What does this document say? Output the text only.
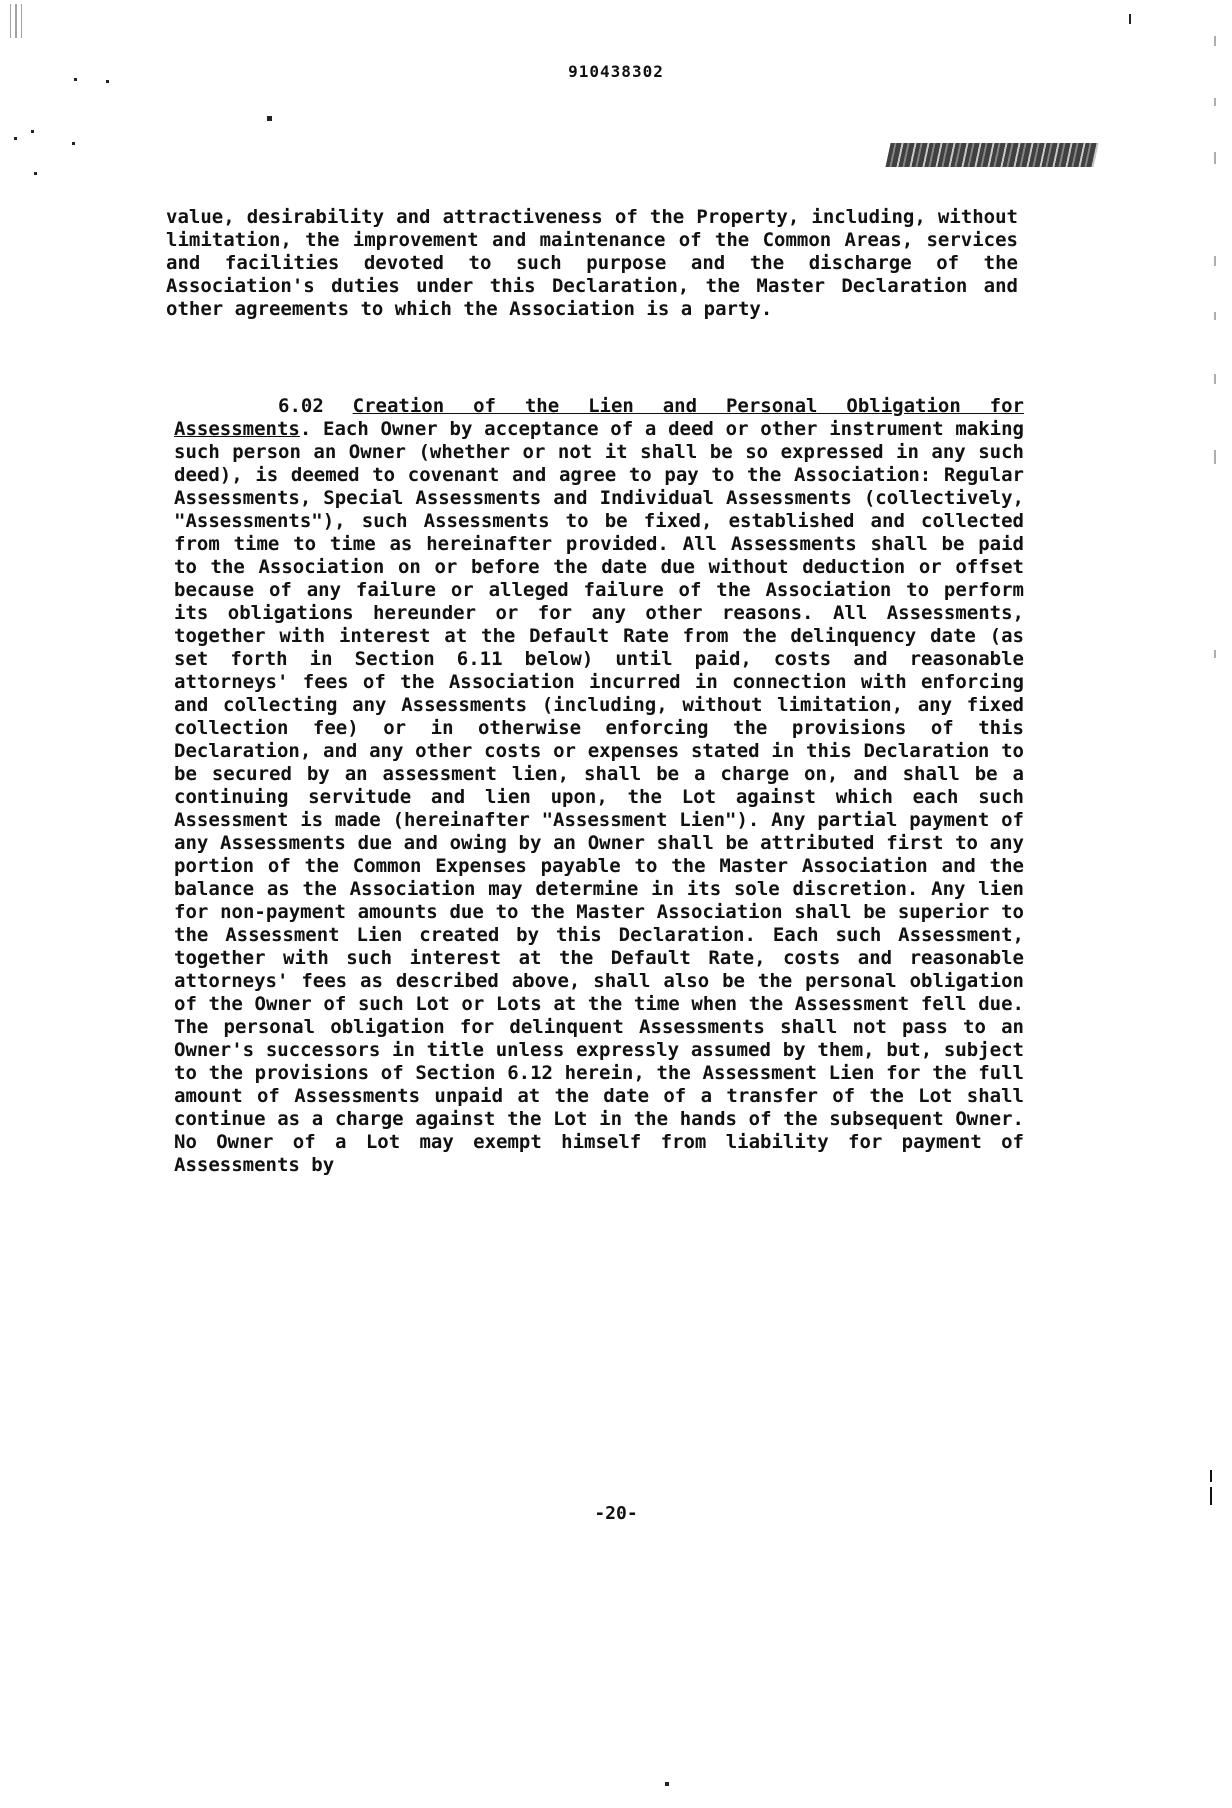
910438302
value, desirability and attractiveness of the Property, including, without limitation, the improvement and maintenance of the Common Areas, services and facilities devoted to such purpose and the discharge of the Association's duties under this Declaration, the Master Declaration and other agreements to which the Association is a party.
6.02 Creation of the Lien and Personal Obligation for Assessments. Each Owner by acceptance of a deed or other instrument making such person an Owner (whether or not it shall be so expressed in any such deed), is deemed to covenant and agree to pay to the Association: Regular Assessments, Special Assessments and Individual Assessments (collectively, "Assessments"), such Assessments to be fixed, established and collected from time to time as hereinafter provided. All Assessments shall be paid to the Association on or before the date due without deduction or offset because of any failure or alleged failure of the Association to perform its obligations hereunder or for any other reasons. All Assessments, together with interest at the Default Rate from the delinquency date (as set forth in Section 6.11 below) until paid, costs and reasonable attorneys' fees of the Association incurred in connection with enforcing and collecting any Assessments (including, without limitation, any fixed collection fee) or in otherwise enforcing the provisions of this Declaration, and any other costs or expenses stated in this Declaration to be secured by an assessment lien, shall be a charge on, and shall be a continuing servitude and lien upon, the Lot against which each such Assessment is made (hereinafter "Assessment Lien"). Any partial payment of any Assessments due and owing by an Owner shall be attributed first to any portion of the Common Expenses payable to the Master Association and the balance as the Association may determine in its sole discretion. Any lien for non-payment amounts due to the Master Association shall be superior to the Assessment Lien created by this Declaration. Each such Assessment, together with such interest at the Default Rate, costs and reasonable attorneys' fees as described above, shall also be the personal obligation of the Owner of such Lot or Lots at the time when the Assessment fell due. The personal obligation for delinquent Assessments shall not pass to an Owner's successors in title unless expressly assumed by them, but, subject to the provisions of Section 6.12 herein, the Assessment Lien for the full amount of Assessments unpaid at the date of a transfer of the Lot shall continue as a charge against the Lot in the hands of the subsequent Owner. No Owner of a Lot may exempt himself from liability for payment of Assessments by
-20-
